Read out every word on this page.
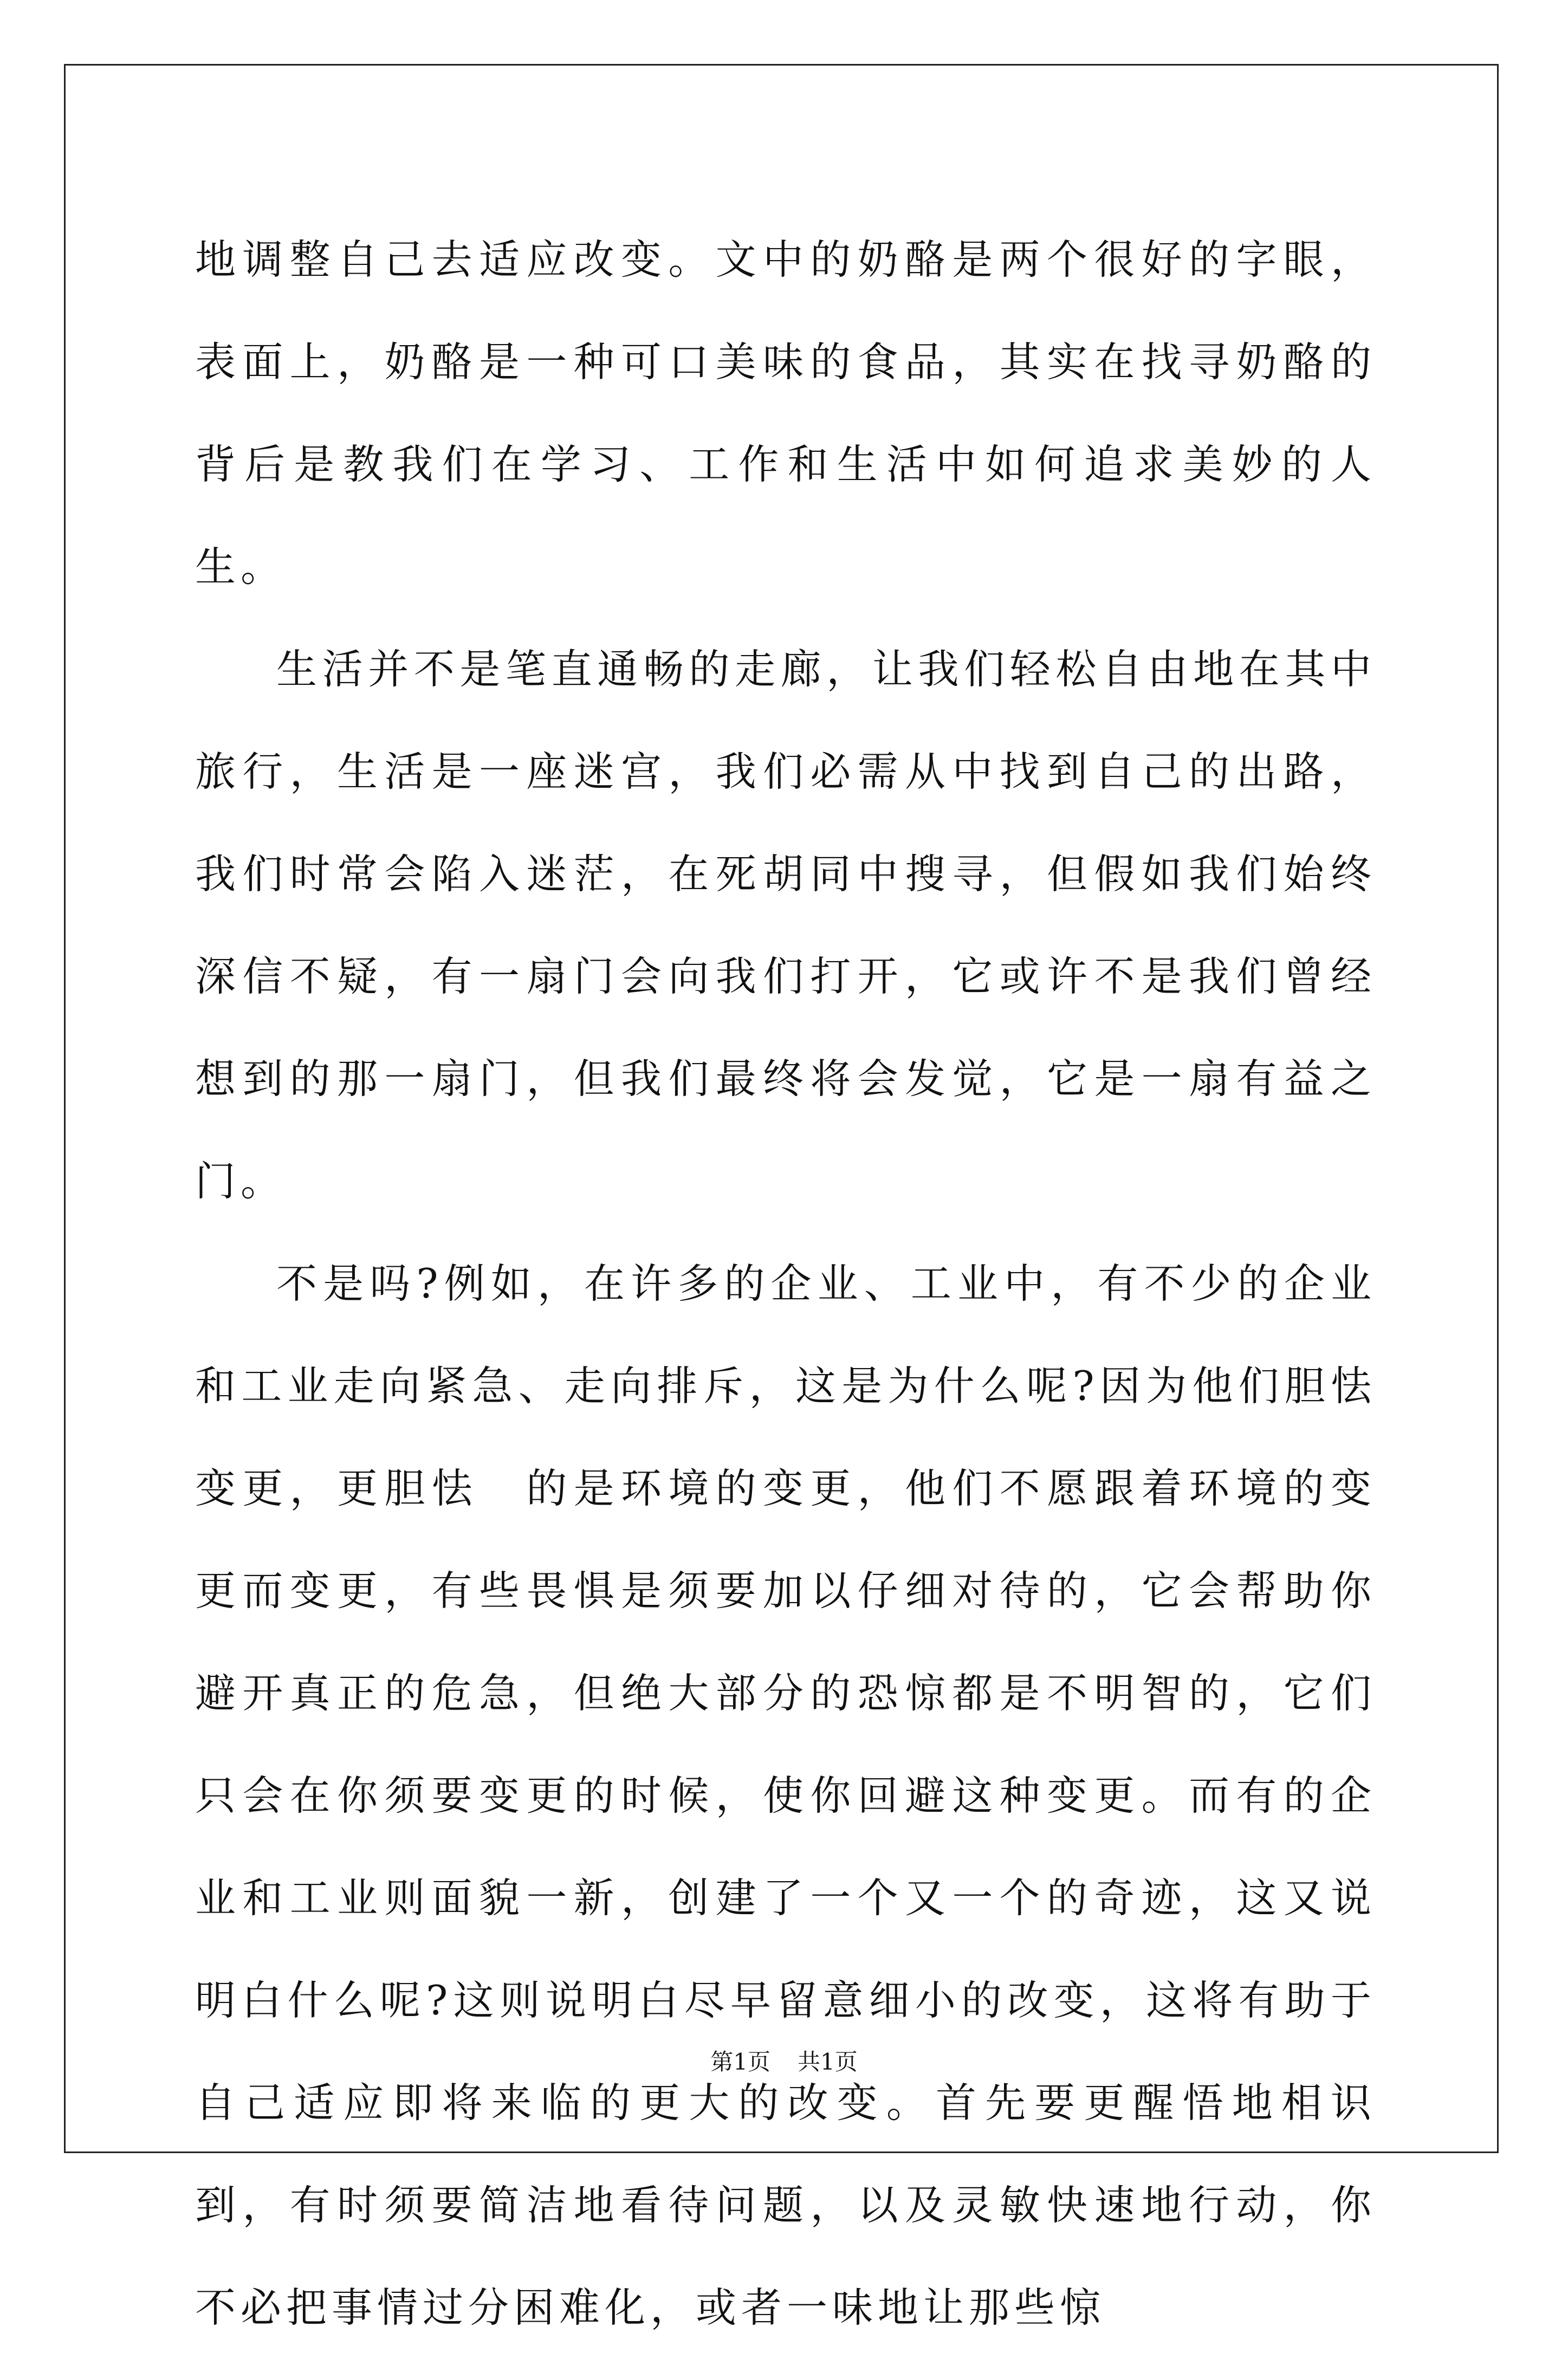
地调整自己去适应改变。文中的奶酪是两个很好的字眼，表面上，奶酪是一种可口美味的食品，其实在找寻奶酪的背后是教我们在学习、工作和生活中如何追求美妙的人生。

生活并不是笔直通畅的走廊，让我们轻松自由地在其中旅行，生活是一座迷宫，我们必需从中找到自己的出路，我们时常会陷入迷茫，在死胡同中搜寻，但假如我们始终深信不疑，有一扇门会向我们打开，它或许不是我们曾经想到的那一扇门，但我们最终将会发觉，它是一扇有益之门。

不是吗?例如，在许多的企业、工业中，有不少的企业和工业走向紧急、走向排斥，这是为什么呢?因为他们胆怯 变更，更胆怯　的是环境的变更，他们不愿跟着环境的变更而变更，有些畏惧是须要加以仔细对待的，它会帮助你避开真正的危急，但绝大部分的恐惊都是不明智的，它们只会在你须要变更的时候，使你回避这种变更。而有的企业和工业则面貌一新，创建了一个又一个的奇迹，这又说明白什么呢?这则说明白尽早留意细小的改变，这将有助于自己适应即将来临的更大的改变。首先要更醒悟地相识到，有时须要简洁地看待问题，以及灵敏快速地行动，你不必把事情过分困难化，或者一味地让那些惊

第1页 共1页
